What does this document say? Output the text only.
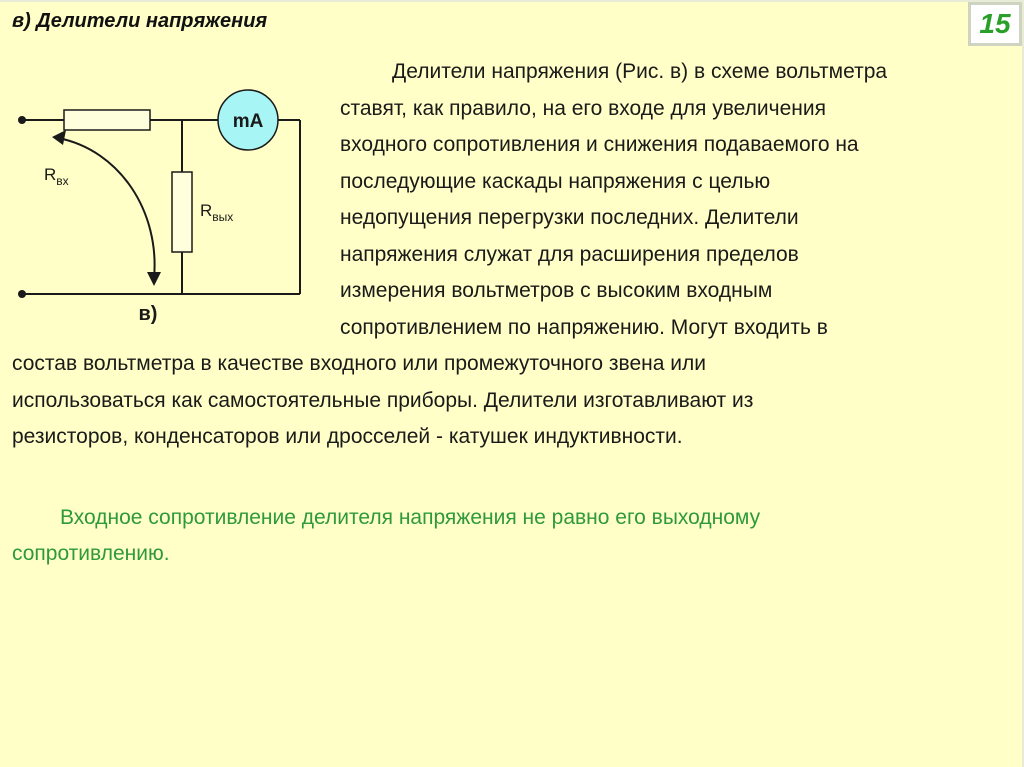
в) Делители напряжения	15
mA
$R_{вх}$
$R_{вых}$
в)
Делители напряжения (Рис. в) в схеме вольтметра
ставят, как правило, на его входе для увеличения
входного сопротивления и снижения подаваемого на
последующие каскады напряжения с целью
недопущения перегрузки последних. Делители
напряжения служат для расширения пределов
измерения вольтметров с высоким входным
сопротивлением по напряжению. Могут входить в
состав вольтметра в качестве входного или промежуточного звена или
использоваться как самостоятельные приборы. Делители изготавливают из
резисторов, конденсаторов или дросселей - катушек индуктивности.
Входное сопротивление делителя напряжения не равно его выходному
сопротивлению.
